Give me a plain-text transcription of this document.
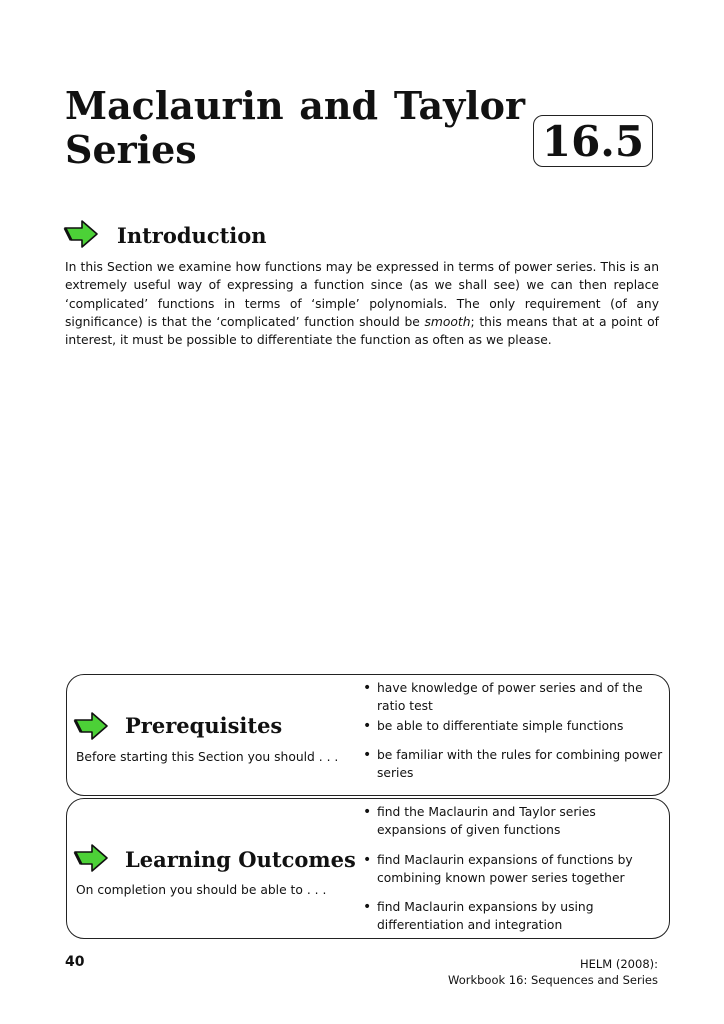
Maclaurin and Taylor
Series	16.5
Introduction

In this Section we examine how functions may be expressed in terms of power series. This is an extremely useful way of expressing a function since (as we shall see) we can then replace ‘complicated’ functions in terms of ‘simple’ polynomials. The only requirement (of any significance) is that the ‘complicated’ function should be smooth; this means that at a point of interest, it must be possible to differentiate the function as often as we please.

Prerequisites
Before starting this Section you should . . .
• have knowledge of power series and of the ratio test
• be able to differentiate simple functions
• be familiar with the rules for combining power series
Learning Outcomes
On completion you should be able to . . .
• find the Maclaurin and Taylor series expansions of given functions
• find Maclaurin expansions of functions by combining known power series together
• find Maclaurin expansions by using differentiation and integration
40	HELM (2008):
Workbook 16: Sequences and Series
